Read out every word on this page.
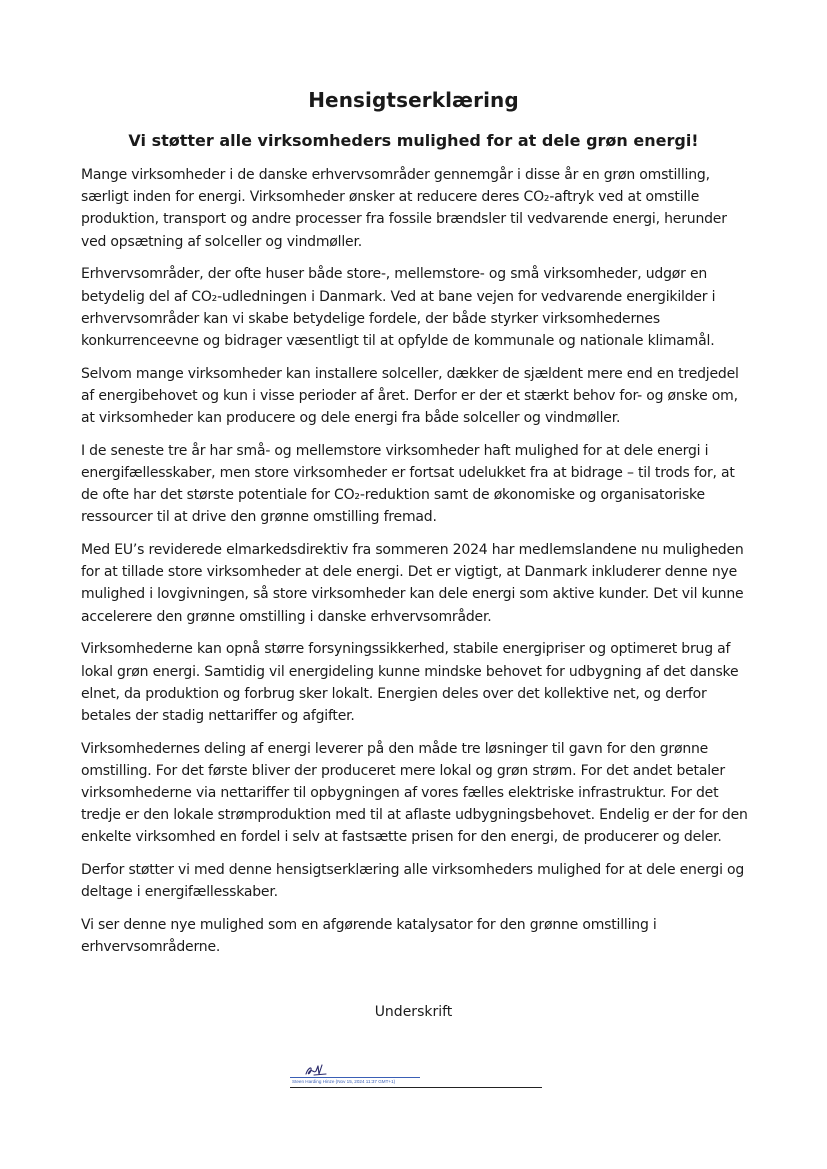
Hensigtserklæring
Vi støtter alle virksomheders mulighed for at dele grøn energi!

Mange virksomheder i de danske erhvervsområder gennemgår i disse år en grøn omstilling, særligt inden for energi. Virksomheder ønsker at reducere deres CO₂-aftryk ved at omstille produktion, transport og andre processer fra fossile brændsler til vedvarende energi, herunder ved opsætning af solceller og vindmøller.

Erhvervsområder, der ofte huser både store-, mellemstore- og små virksomheder, udgør en betydelig del af CO₂-udledningen i Danmark. Ved at bane vejen for vedvarende energikilder i erhvervsområder kan vi skabe betydelige fordele, der både styrker virksomhedernes konkurrenceevne og bidrager væsentligt til at opfylde de kommunale og nationale klimamål.

Selvom mange virksomheder kan installere solceller, dækker de sjældent mere end en tredjedel af energibehovet og kun i visse perioder af året. Derfor er der et stærkt behov for- og ønske om, at virksomheder kan producere og dele energi fra både solceller og vindmøller.

I de seneste tre år har små- og mellemstore virksomheder haft mulighed for at dele energi i energifællesskaber, men store virksomheder er fortsat udelukket fra at bidrage – til trods for, at de ofte har det største potentiale for CO₂-reduktion samt de økonomiske og organisatoriske ressourcer til at drive den grønne omstilling fremad.

Med EU’s reviderede elmarkedsdirektiv fra sommeren 2024 har medlemslandene nu muligheden for at tillade store virksomheder at dele energi. Det er vigtigt, at Danmark inkluderer denne nye mulighed i lovgivningen, så store virksomheder kan dele energi som aktive kunder. Det vil kunne accelerere den grønne omstilling i danske erhvervsområder.

Virksomhederne kan opnå større forsyningssikkerhed, stabile energipriser og optimeret brug af lokal grøn energi. Samtidig vil energideling kunne mindske behovet for udbygning af det danske elnet, da produktion og forbrug sker lokalt. Energien deles over det kollektive net, og derfor betales der stadig nettariffer og afgifter.

Virksomhedernes deling af energi leverer på den måde tre løsninger til gavn for den grønne omstilling. For det første bliver der produceret mere lokal og grøn strøm. For det andet betaler virksomhederne via nettariffer til opbygningen af vores fælles elektriske infrastruktur. For det tredje er den lokale strømproduktion med til at aflaste udbygningsbehovet. Endelig er der for den enkelte virksomhed en fordel i selv at fastsætte prisen for den energi, de producerer og deler.

Derfor støtter vi med denne hensigtserklæring alle virksomheders mulighed for at dele energi og deltage i energifællesskaber.

Vi ser denne nye mulighed som en afgørende katalysator for den grønne omstilling i erhvervsområderne.

Underskrift

Steen Harding Hinze (Nov 15, 2024 11:37 GMT+1)
